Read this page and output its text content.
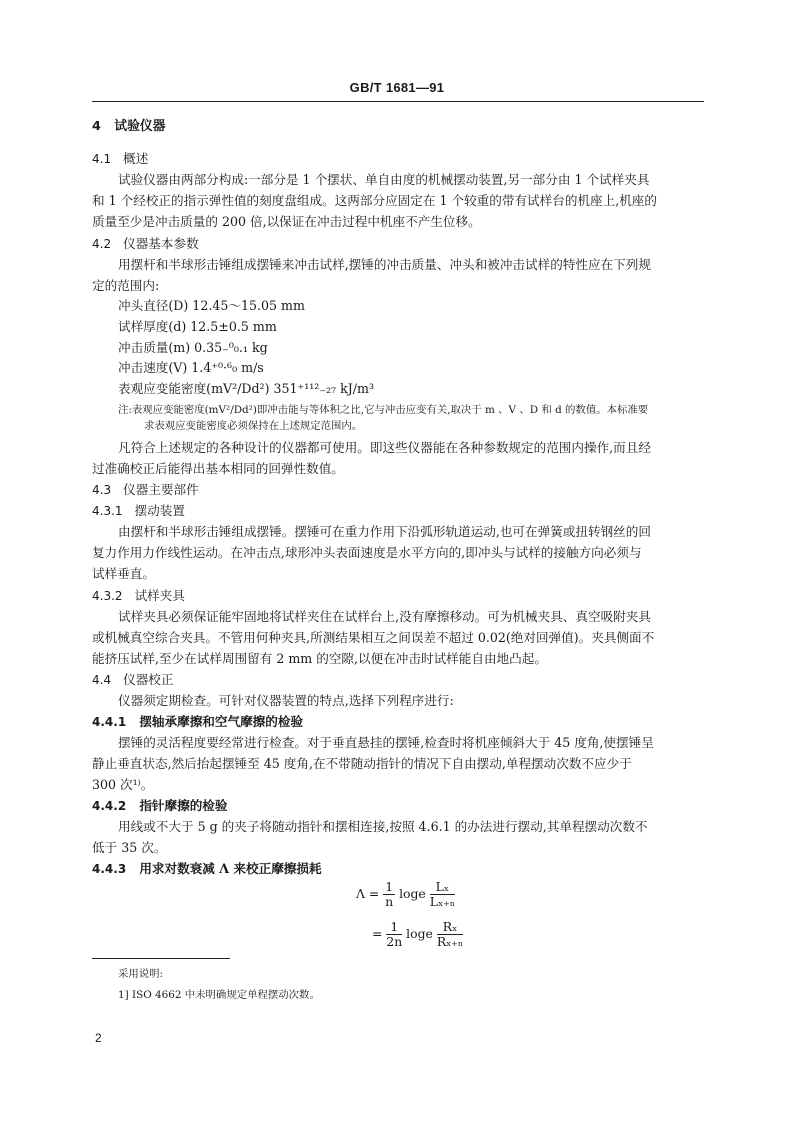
GB/T 1681—91
4 试验仪器
4.1 概述
试验仪器由两部分构成:一部分是 1 个摆状、单自由度的机械摆动装置,另一部分由 1 个试样夹具
和 1 个经校正的指示弹性值的刻度盘组成。这两部分应固定在 1 个较重的带有试样台的机座上,机座的
质量至少是冲击质量的 200 倍,以保证在冲击过程中机座不产生位移。
4.2 仪器基本参数
用摆杆和半球形击锤组成摆锤来冲击试样,摆锤的冲击质量、冲头和被冲击试样的特性应在下列规
定的范围内:
冲头直径(D) 12.45～15.05 mm
试样厚度(d) 12.5±0.5 mm
冲击质量(m) 0.35₋⁰₀.₁ kg
冲击速度(V) 1.4⁺⁰·⁶₀ m/s
表观应变能密度(mV²/Dd²) 351⁺¹¹²₋₂₇ kJ/m³
注:表观应变能密度(mV²/Dd²)即冲击能与等体积之比,它与冲击应变有关,取决于 m 、V 、D 和 d 的数值。本标准要
求表观应变能密度必须保持在上述规定范围内。
凡符合上述规定的各种设计的仪器都可使用。即这些仪器能在各种参数规定的范围内操作,而且经
过准确校正后能得出基本相同的回弹性数值。
4.3 仪器主要部件
4.3.1 摆动装置
由摆杆和半球形击锤组成摆锤。摆锤可在重力作用下沿弧形轨道运动,也可在弹簧或扭转钢丝的回
复力作用力作线性运动。在冲击点,球形冲头表面速度是水平方向的,即冲头与试样的接触方向必须与
试样垂直。
4.3.2 试样夹具
试样夹具必须保证能牢固地将试样夹住在试样台上,没有摩擦移动。可为机械夹具、真空吸附夹具
或机械真空综合夹具。不管用何种夹具,所测结果相互之间误差不超过 0.02(绝对回弹值)。夹具侧面不
能挤压试样,至少在试样周围留有 2 mm 的空隙,以便在冲击时试样能自由地凸起。
4.4 仪器校正
仪器须定期检查。可针对仪器装置的特点,选择下列程序进行:
4.4.1 摆轴承摩擦和空气摩擦的检验
摆锤的灵活程度要经常进行检查。对于垂直悬挂的摆锤,检查时将机座倾斜大于 45 度角,使摆锤呈
静止垂直状态,然后抬起摆锤至 45 度角,在不带随动指针的情况下自由摆动,单程摆动次数不应少于
300 次¹⁾。
4.4.2 指针摩擦的检验
用线或不大于 5 g 的夹子将随动指针和摆相连接,按照 4.6.1 的办法进行摆动,其单程摆动次数不
低于 35 次。
4.4.3 用求对数衰减 Λ 来校正摩擦损耗
$\Lambda = \frac{1}{n}$ loge $\frac{\text{Lₓ}}{\text{Lₓ₊ₙ}}$
= $\frac{1}{2n}$ loge $\frac{\text{Rₓ}}{\text{Rₓ₊ₙ}}$
采用说明:
1] ISO 4662 中未明确规定单程摆动次数。
2
